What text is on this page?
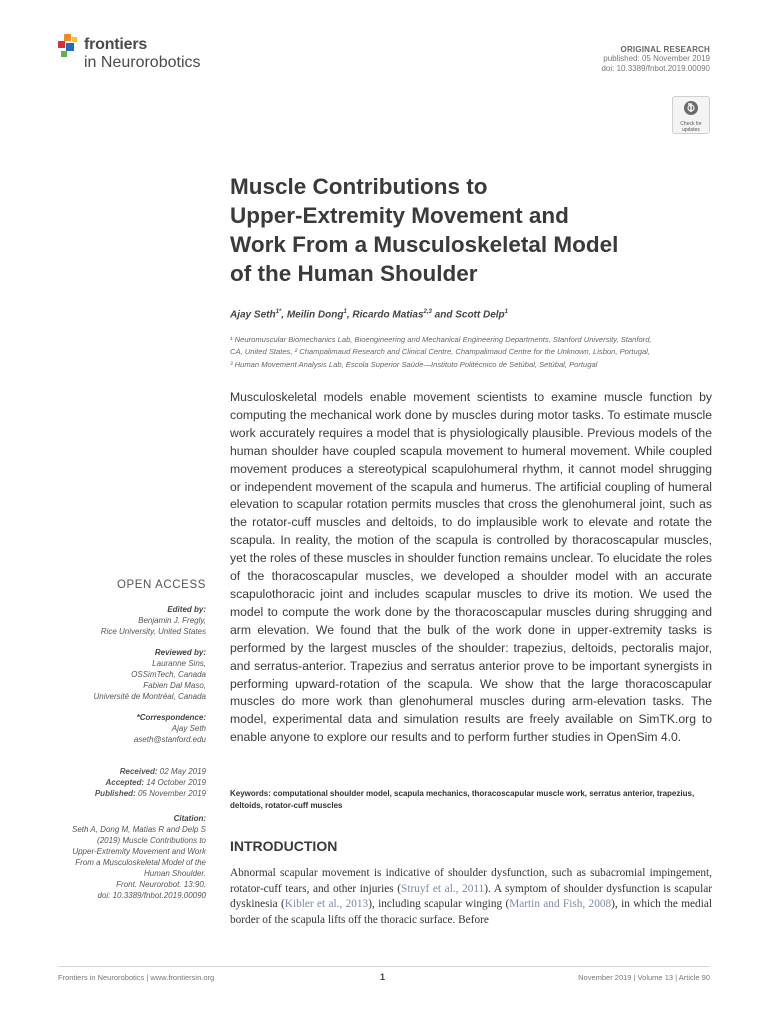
frontiers
in Neurorobotics
ORIGINAL RESEARCH
published: 05 November 2019
doi: 10.3389/fnbot.2019.00090
Check for
updates
Muscle Contributions to
Upper-Extremity Movement and
Work From a Musculoskeletal Model
of the Human Shoulder
Ajay Seth$^{1*}$, Meilin Dong$^1$, Ricardo Matias$^{2,3}$ and Scott Delp$^1$
¹ Neuromuscular Biomechanics Lab, Bioengineering and Mechanical Engineering Departments, Stanford University, Stanford,
CA, United States, ² Champalimaud Research and Clinical Centre, Champalimaud Centre for the Unknown, Lisbon, Portugal,
³ Human Movement Analysis Lab, Escola Superior Saúde—Instituto Politécnico de Setúbal, Setúbal, Portugal
Musculoskeletal models enable movement scientists to examine muscle function by computing the mechanical work done by muscles during motor tasks. To estimate muscle work accurately requires a model that is physiologically plausible. Previous models of the human shoulder have coupled scapula movement to humeral movement. While coupled movement produces a stereotypical scapulohumeral rhythm, it cannot model shrugging or independent movement of the scapula and humerus. The artificial coupling of humeral elevation to scapular rotation permits muscles that cross the glenohumeral joint, such as the rotator-cuff muscles and deltoids, to do implausible work to elevate and rotate the scapula. In reality, the motion of the scapula is controlled by thoracoscapular muscles, yet the roles of these muscles in shoulder function remains unclear. To elucidate the roles of the thoracoscapular muscles, we developed a shoulder model with an accurate scapulothoracic joint and includes scapular muscles to drive its motion. We used the model to compute the work done by the thoracoscapular muscles during shrugging and arm elevation. We found that the bulk of the work done in upper-extremity tasks is performed by the largest muscles of the shoulder: trapezius, deltoids, pectoralis major, and serratus-anterior. Trapezius and serratus anterior prove to be important synergists in performing upward-rotation of the scapula. We show that the large thoracoscapular muscles do more work than glenohumeral muscles during arm-elevation tasks. The model, experimental data and simulation results are freely available on SimTK.org to enable anyone to explore our results and to perform further studies in OpenSim 4.0.
Keywords: computational shoulder model, scapula mechanics, thoracoscapular muscle work, serratus anterior, trapezius, deltoids, rotator-cuff muscles
INTRODUCTION
Abnormal scapular movement is indicative of shoulder dysfunction, such as subacromial impingement, rotator-cuff tears, and other injuries (Struyf et al., 2011). A symptom of shoulder dysfunction is scapular dyskinesia (Kibler et al., 2013), including scapular winging (Martin and Fish, 2008), in which the medial border of the scapula lifts off the thoracic surface. Before
OPEN ACCESS
Edited by:
Benjamin J. Fregly,
Rice University, United States
Reviewed by:
Lauranne Sins,
OSSimTech, Canada
Fabien Dal Maso,
Université de Montréal, Canada
*Correspondence:
Ajay Seth
aseth@stanford.edu
Received: 02 May 2019
Accepted: 14 October 2019
Published: 05 November 2019
Citation:
Seth A, Dong M, Matias R and Delp S
(2019) Muscle Contributions to
Upper-Extremity Movement and Work
From a Musculoskeletal Model of the
Human Shoulder.
Front. Neurorobot. 13:90.
doi: 10.3389/fnbot.2019.00090
Frontiers in Neurorobotics | www.frontiersin.org	1	November 2019 | Volume 13 | Article 90
